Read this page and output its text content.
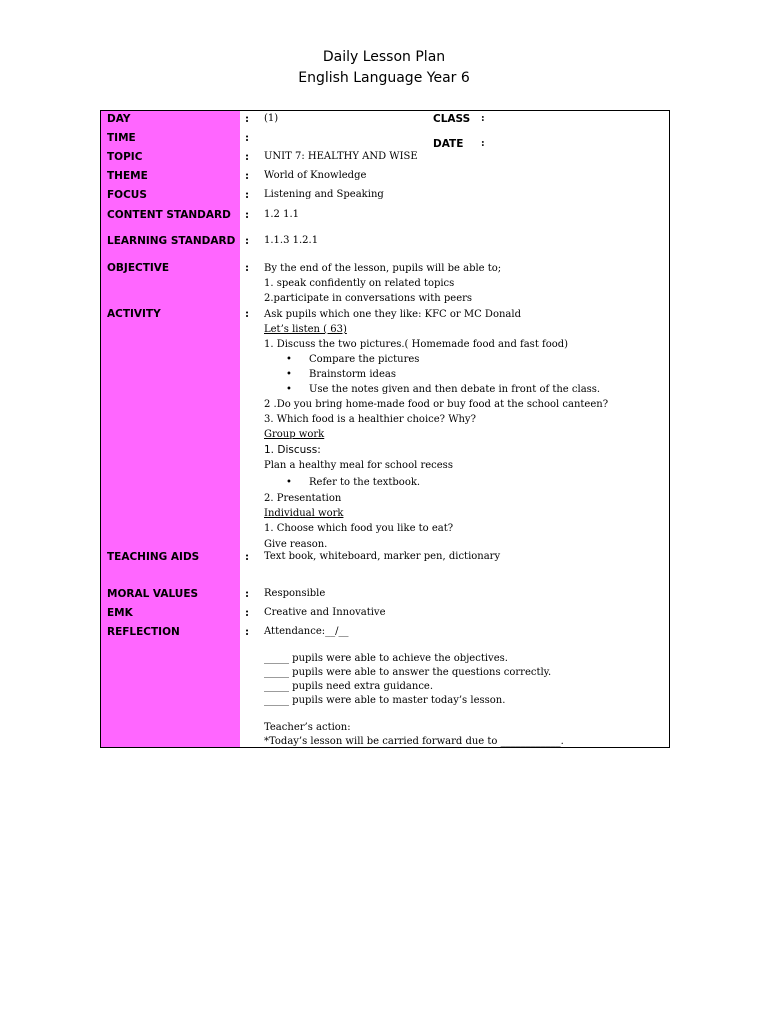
Daily Lesson Plan
English Language Year 6
DAY	: (1)	CLASS :
TIME	:	DATE :
TOPIC	: UNIT 7: HEALTHY AND WISE
THEME	: World of Knowledge
FOCUS	: Listening and Speaking
CONTENT STANDARD : 1.2 1.1
LEARNING STANDARD : 1.1.3 1.2.1
OBJECTIVE	: By the end of the lesson, pupils will be able to;
1. speak confidently on related topics
2.participate in conversations with peers
ACTIVITY	: Ask pupils which one they like: KFC or MC Donald
Let’s listen ( 63)
1. Discuss the two pictures.( Homemade food and fast food)
• Compare the pictures
• Brainstorm ideas
• Use the notes given and then debate in front of the class.
2 .Do you bring home-made food or buy food at the school canteen?
3. Which food is a healthier choice? Why?
Group work
1. Discuss:
Plan a healthy meal for school recess
• Refer to the textbook.
2. Presentation
Individual work
1. Choose which food you like to eat?
Give reason.
TEACHING AIDS	: Text book, whiteboard, marker pen, dictionary
MORAL VALUES	: Responsible
EMK	: Creative and Innovative
REFLECTION	: Attendance:__/__
_____ pupils were able to achieve the objectives.
_____ pupils were able to answer the questions correctly.
_____ pupils need extra guidance.
_____ pupils were able to master today’s lesson.
Teacher’s action:
*Today’s lesson will be carried forward due to ____________.
